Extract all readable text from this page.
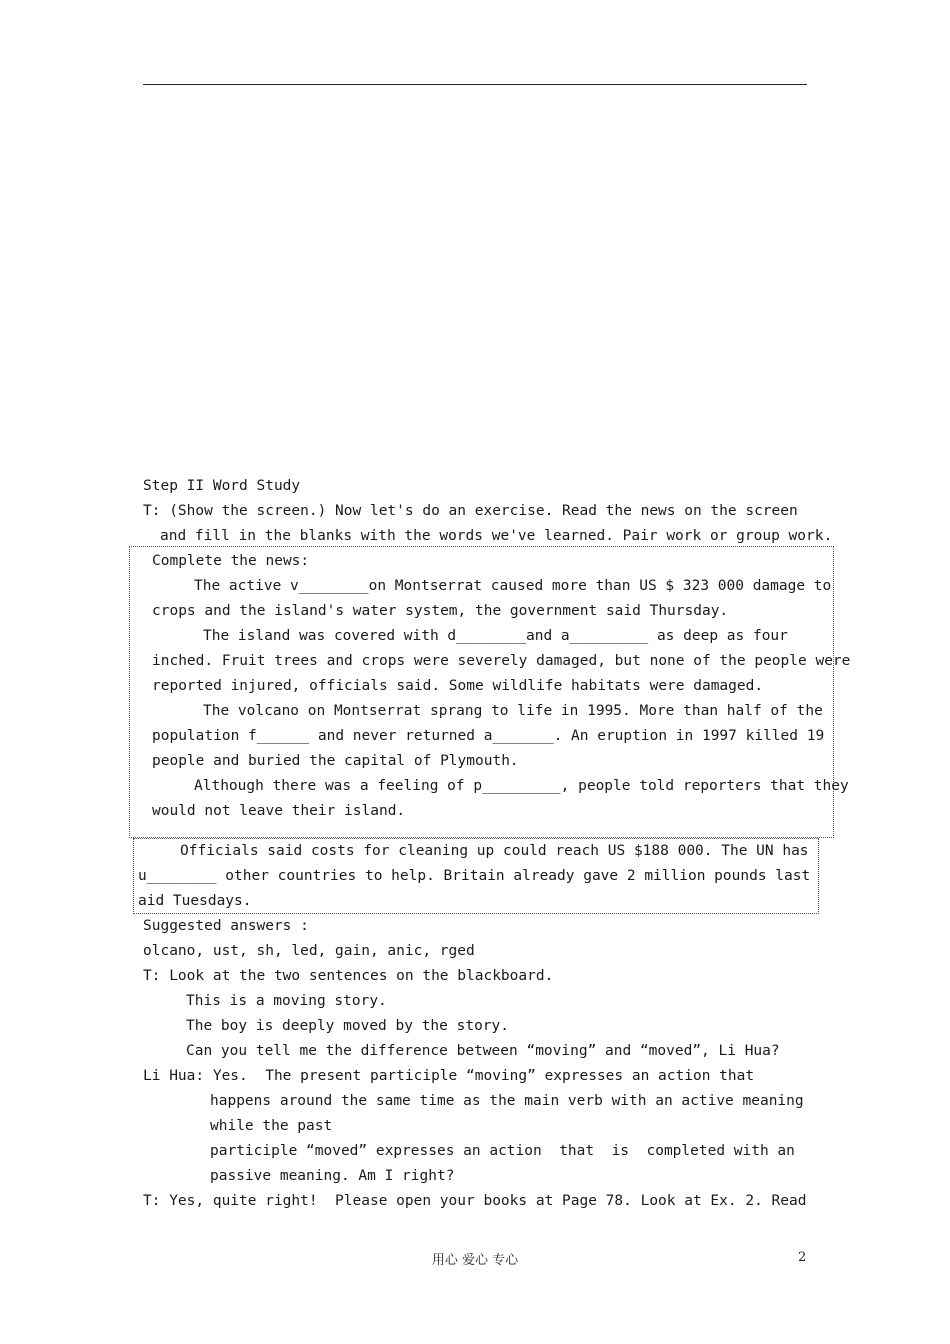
Step II Word Study
T: (Show the screen.) Now let's do an exercise. Read the news on the screen
and fill in the blanks with the words we've learned. Pair work or group work.
Complete the news:
The active v________on Montserrat caused more than US $ 323 000 damage to
crops and the island's water system, the government said Thursday.
The island was covered with d________and a_________ as deep as four
inched. Fruit trees and crops were severely damaged, but none of the people were
reported injured, officials said. Some wildlife habitats were damaged.
The volcano on Montserrat sprang to life in 1995. More than half of the
population f______ and never returned a_______. An eruption in 1997 killed 19
people and buried the capital of Plymouth.
Although there was a feeling of p_________, people told reporters that they
would not leave their island.
Officials said costs for cleaning up could reach US $188 000. The UN has
u________ other countries to help. Britain already gave 2 million pounds last
aid Tuesdays.
Suggested answers :
olcano, ust, sh, led, gain, anic, rged
T: Look at the two sentences on the blackboard.
This is a moving story.
The boy is deeply moved by the story.
Can you tell me the difference between “moving” and “moved”, Li Hua?
Li Hua: Yes.  The present participle “moving” expresses an action that
happens around the same time as the main verb with an active meaning
while the past
participle “moved” expresses an action  that  is  completed with an
passive meaning. Am I right?
T: Yes, quite right!  Please open your books at Page 78. Look at Ex. 2. Read
用心 爱心 专心	2
